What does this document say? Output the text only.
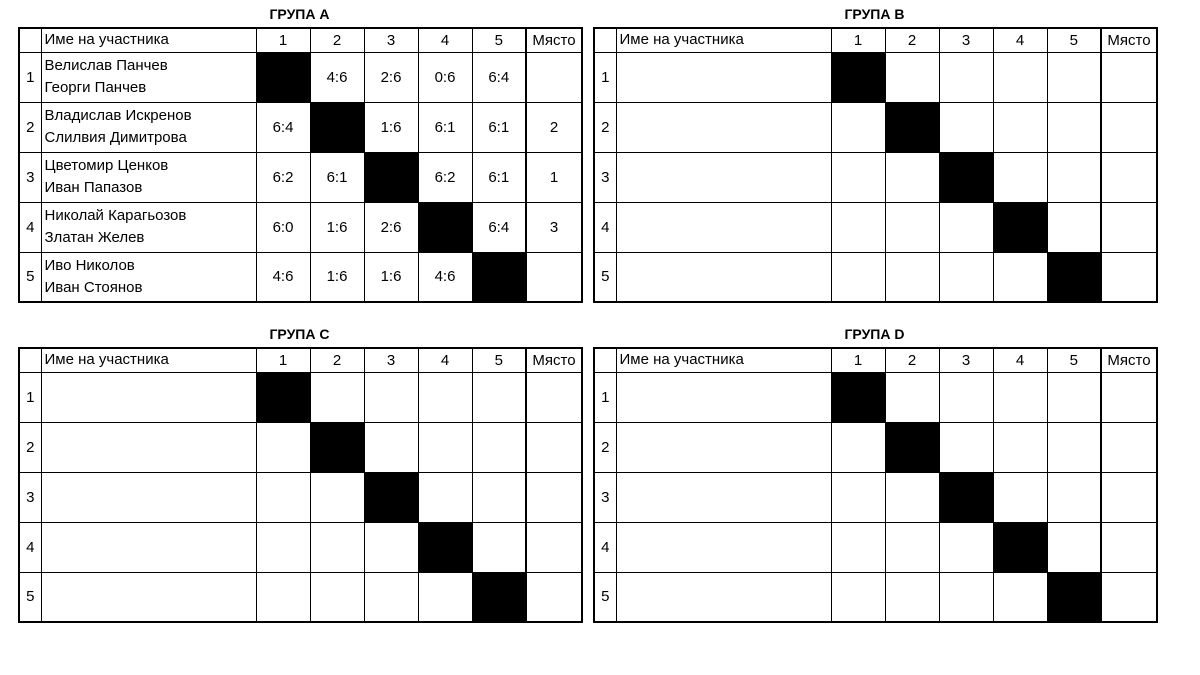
ГРУПА А
	Име на участника	1	2	3	4	5	Място
1	Велислав Панчев
Георги Панчев		4:6	2:6	0:6	6:4	
2	Владислав Искренов
Слилвия Димитрова	6:4		1:6	6:1	6:1	2
3	Цветомир Ценков
Иван Папазов	6:2	6:1		6:2	6:1	1
4	Николай Карагьозов
Златан Желев	6:0	1:6	2:6		6:4	3
5	Иво Николов
Иван Стоянов	4:6	1:6	1:6	4:6		
ГРУПА B
	Име на участника	1	2	3	4	5	Място
1	

2	

3	

4	

5	

ГРУПА C
	Име на участника	1	2	3	4	5	Място
1	

2	

3	

4	

5	

ГРУПА D
	Име на участника	1	2	3	4	5	Място
1	

2	

3	

4	

5	
